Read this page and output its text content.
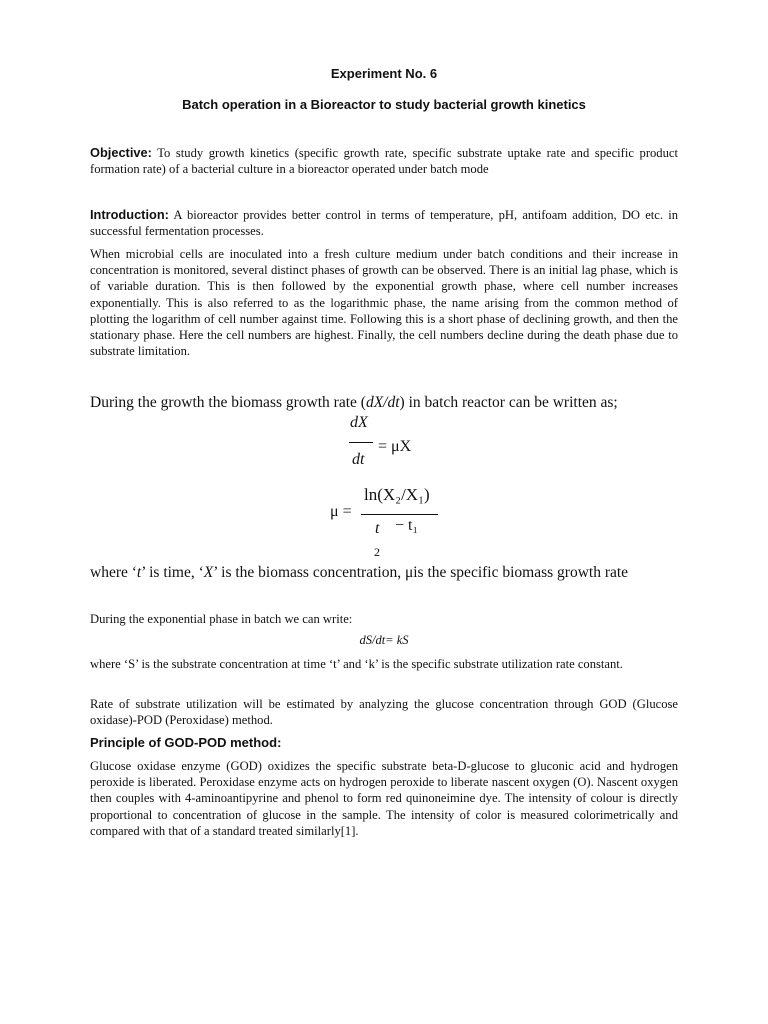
Experiment No. 6
Batch operation in a Bioreactor to study bacterial growth kinetics
Objective: To study growth kinetics (specific growth rate, specific substrate uptake rate and specific product formation rate) of a bacterial culture in a bioreactor operated under batch mode
Introduction: A bioreactor provides better control in terms of temperature, pH, antifoam addition, DO etc. in successful fermentation processes.
When microbial cells are inoculated into a fresh culture medium under batch conditions and their increase in concentration is monitored, several distinct phases of growth can be observed. There is an initial lag phase, which is of variable duration. This is then followed by the exponential growth phase, where cell number increases exponentially. This is also referred to as the logarithmic phase, the name arising from the common method of plotting the logarithm of cell number against time. Following this is a short phase of declining growth, and then the stationary phase. Here the cell numbers are highest. Finally, the cell numbers decline during the death phase due to substrate limitation.
During the growth the biomass growth rate (dX/dt) in batch reactor can be written as;
dX
dt
= μX
μ =
ln(X₂/X₁)
t − t₁
2
where ‘t’ is time, ‘X’ is the biomass concentration, μis the specific biomass growth rate
During the exponential phase in batch we can write:
dS/dt= kS
where ‘S’ is the substrate concentration at time ‘t’ and ‘k’ is the specific substrate utilization rate constant.
Rate of substrate utilization will be estimated by analyzing the glucose concentration through GOD (Glucose oxidase)-POD (Peroxidase) method.
Principle of GOD-POD method:
Glucose oxidase enzyme (GOD) oxidizes the specific substrate beta-D-glucose to gluconic acid and hydrogen peroxide is liberated. Peroxidase enzyme acts on hydrogen peroxide to liberate nascent oxygen (O). Nascent oxygen then couples with 4-aminoantipyrine and phenol to form red quinoneimine dye. The intensity of colour is directly proportional to concentration of glucose in the sample. The intensity of color is measured colorimetrically and compared with that of a standard treated similarly[1].
